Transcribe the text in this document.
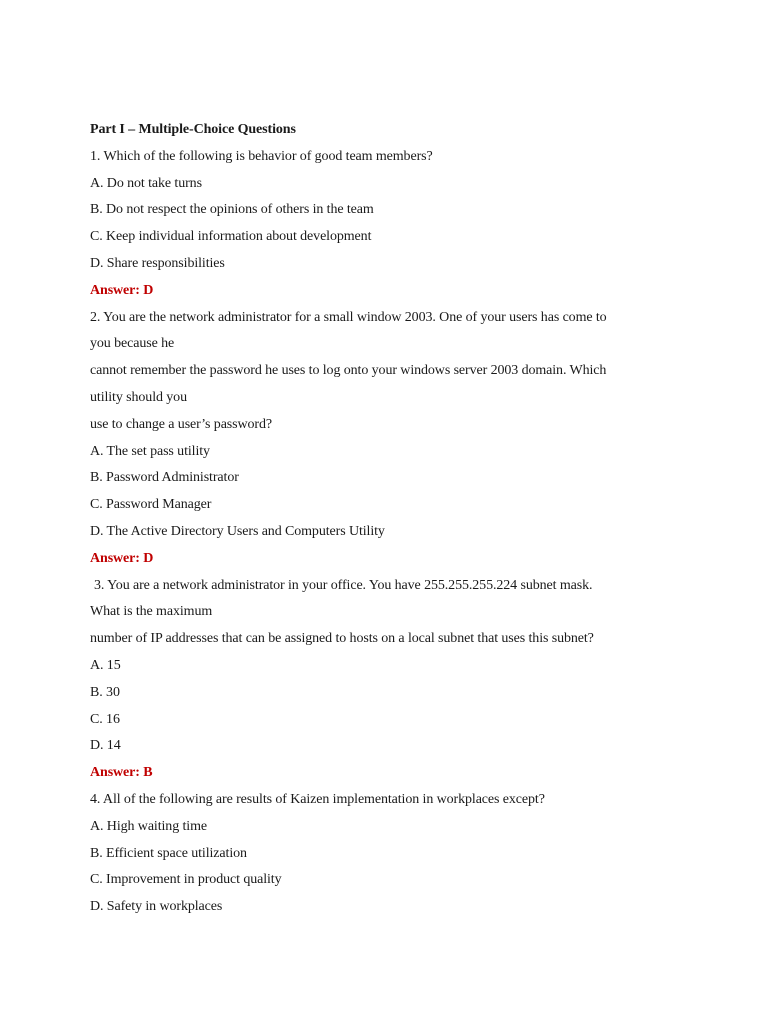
Part I – Multiple-Choice Questions
1. Which of the following is behavior of good team members?
A. Do not take turns
B. Do not respect the opinions of others in the team
C. Keep individual information about development
D. Share responsibilities
Answer: D
2. You are the network administrator for a small window 2003. One of your users has come to
you because he
cannot remember the password he uses to log onto your windows server 2003 domain. Which
utility should you
use to change a user’s password?
A. The set pass utility
B. Password Administrator
C. Password Manager
D. The Active Directory Users and Computers Utility
Answer: D
3. You are a network administrator in your office. You have 255.255.255.224 subnet mask.
What is the maximum
number of IP addresses that can be assigned to hosts on a local subnet that uses this subnet?
A. 15
B. 30
C. 16
D. 14
Answer: B
4. All of the following are results of Kaizen implementation in workplaces except?
A. High waiting time
B. Efficient space utilization
C. Improvement in product quality
D. Safety in workplaces
